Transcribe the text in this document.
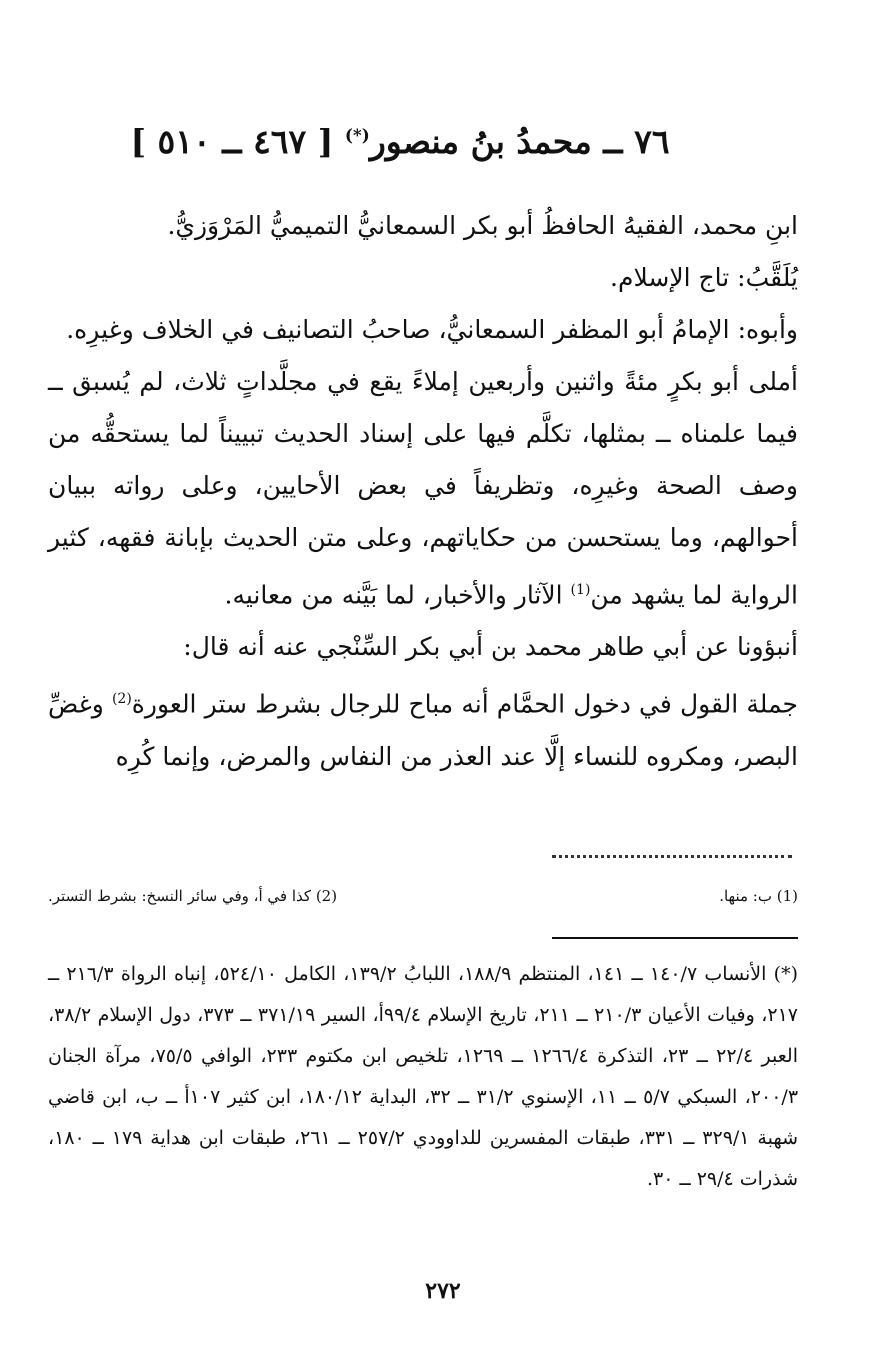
٧٦ ــ محمدُ بنُ منصور(*) [ ٤٦٧ ــ ٥١٠ ]

ابنِ محمد، الفقيهُ الحافظُ أبو بكر السمعانيُّ التميميُّ المَرْوَزيُّ.

يُلَقَّبُ: تاج الإسلام.

وأبوه: الإمامُ أبو المظفر السمعانيُّ، صاحبُ التصانيف في الخلاف وغيرِه.

أملى أبو بكرٍ مئةً واثنين وأربعين إملاءً يقع في مجلَّداتٍ ثلاث، لم يُسبق ــ فيما علمناه ــ بمثلها، تكلَّم فيها على إسناد الحديث تبييناً لما يستحقُّه من وصف الصحة وغيرِه، وتظريفاً في بعض الأحايين، وعلى رواته ببيان أحوالهم، وما يستحسن من حكاياتهم، وعلى متن الحديث بإبانة فقهه، كثير الرواية لما يشهد من$^{(1)}$ الآثار والأخبار، لما بَيَّنه من معانيه.

أنبؤونا عن أبي طاهر محمد بن أبي بكر السِّنْجي عنه أنه قال:

جملة القول في دخول الحمَّام أنه مباح للرجال بشرط ستر العورة$^{(2)}$ وغضِّ البصر، ومكروه للنساء إلَّا عند العذر من النفاس والمرض، وإنما كُرِه

(1) ب: منها.
(2) كذا في أ، وفي سائر النسخ: بشرط التستر.
(*) الأنساب ١٤٠/٧ ــ ١٤١، المنتظم ١٨٨/٩، اللبابُ ١٣٩/٢، الكامل ٥٢٤/١٠، إنباه الرواة ٢١٦/٣ ــ ٢١٧، وفيات الأعيان ٢١٠/٣ ــ ٢١١، تاريخ الإسلام ٩٩/٤أ، السير ٣٧١/١٩ ــ ٣٧٣، دول الإسلام ٣٨/٢، العبر ٢٢/٤ ــ ٢٣، التذكرة ١٢٦٦/٤ ــ ١٢٦٩، تلخيص ابن مكتوم ٢٣٣، الوافي ٧٥/٥، مرآة الجنان ٢٠٠/٣، السبكي ٥/٧ ــ ١١، الإسنوي ٣١/٢ ــ ٣٢، البداية ١٨٠/١٢، ابن كثير ١٠٧أ ــ ب، ابن قاضي شهبة ٣٢٩/١ ــ ٣٣١، طبقات المفسرين للداوودي ٢٥٧/٢ ــ ٢٦١، طبقات ابن هداية ١٧٩ ــ ١٨٠، شذرات ٢٩/٤ ــ ٣٠.
٢٧٢
